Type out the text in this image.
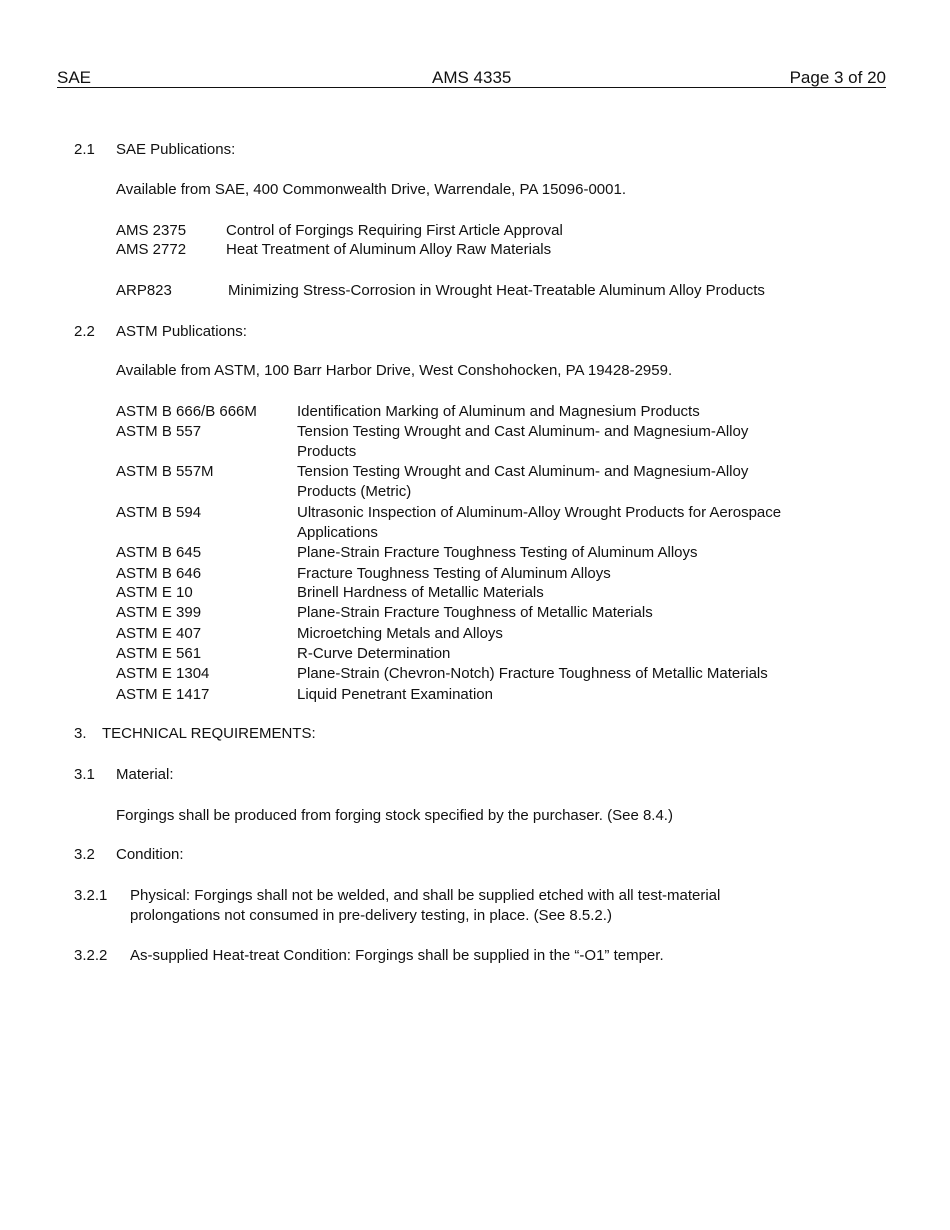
SAE	AMS 4335	Page 3 of 20
2.1 SAE Publications:
Available from SAE, 400 Commonwealth Drive, Warrendale, PA 15096-0001.
AMS 2375	Control of Forgings Requiring First Article Approval
AMS 2772	Heat Treatment of Aluminum Alloy Raw Materials
ARP823	Minimizing Stress-Corrosion in Wrought Heat-Treatable Aluminum Alloy Products
2.2 ASTM Publications:
Available from ASTM, 100 Barr Harbor Drive, West Conshohocken, PA 19428-2959.
ASTM B 666/B 666M	Identification Marking of Aluminum and Magnesium Products
ASTM B 557	Tension Testing Wrought and Cast Aluminum- and Magnesium-Alloy
Products
ASTM B 557M	Tension Testing Wrought and Cast Aluminum- and Magnesium-Alloy
Products (Metric)
ASTM B 594	Ultrasonic Inspection of Aluminum-Alloy Wrought Products for Aerospace
Applications
ASTM B 645	Plane-Strain Fracture Toughness Testing of Aluminum Alloys
ASTM B 646	Fracture Toughness Testing of Aluminum Alloys
ASTM E 10	Brinell Hardness of Metallic Materials
ASTM E 399	Plane-Strain Fracture Toughness of Metallic Materials
ASTM E 407	Microetching Metals and Alloys
ASTM E 561	R-Curve Determination
ASTM E 1304	Plane-Strain (Chevron-Notch) Fracture Toughness of Metallic Materials
ASTM E 1417	Liquid Penetrant Examination
3. TECHNICAL REQUIREMENTS:
3.1 Material:
Forgings shall be produced from forging stock specified by the purchaser. (See 8.4.)
3.2 Condition:
3.2.1 Physical: Forgings shall not be welded, and shall be supplied etched with all test-material
prolongations not consumed in pre-delivery testing, in place. (See 8.5.2.)
3.2.2 As-supplied Heat-treat Condition: Forgings shall be supplied in the “-O1” temper.
